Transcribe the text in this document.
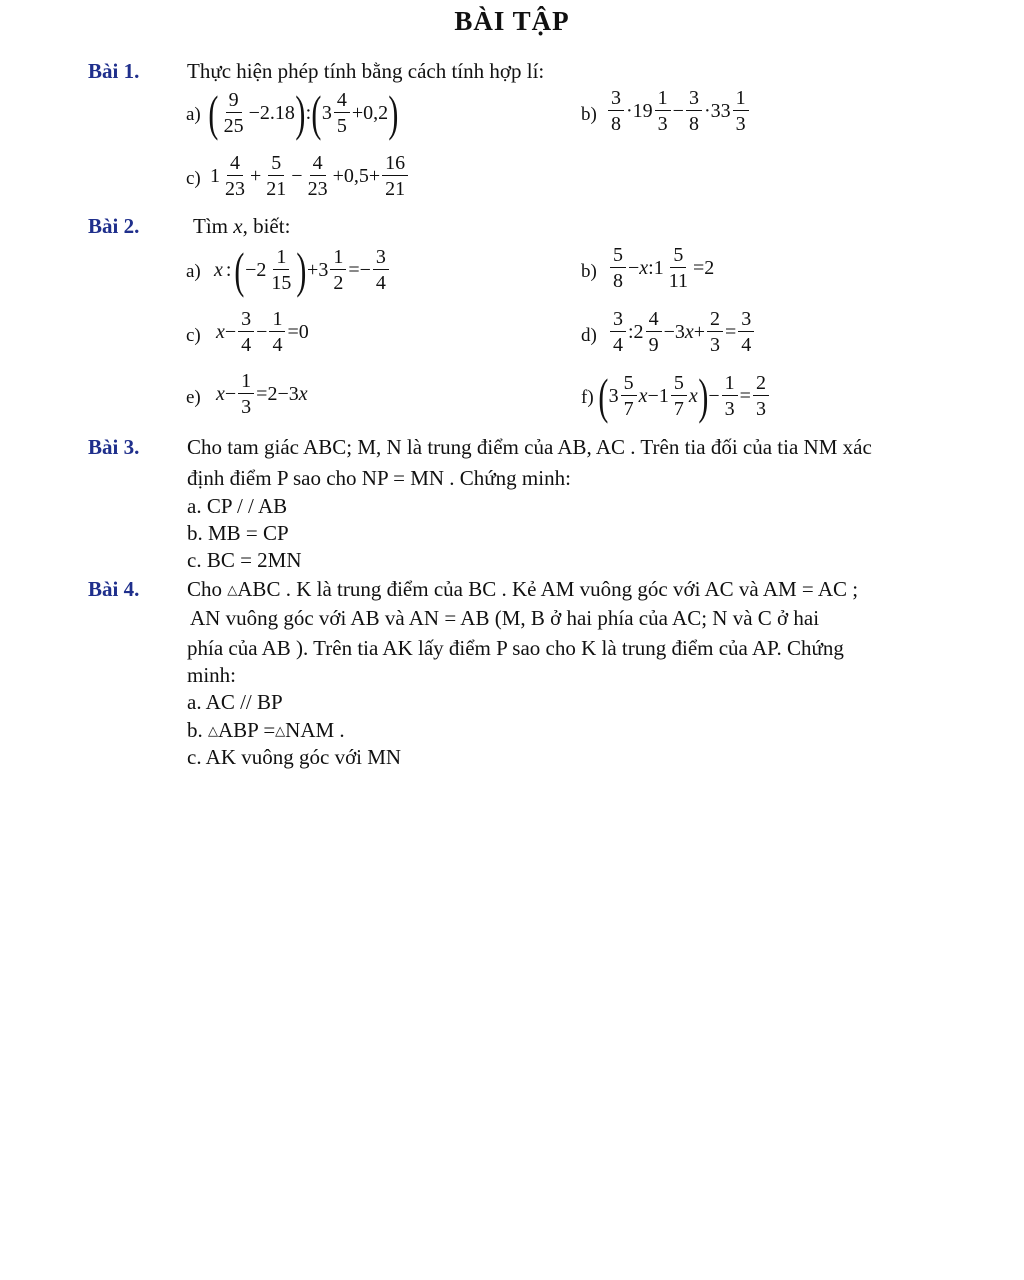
BÀI TẬP
Bài 1. Thực hiện phép tính bằng cách tính hợp lí:
a) ( $\frac{9}{25} -2.18$ ) : ( $3 \frac{4}{5} +0,2$ )	$b) \frac{3}{8} \cdot 19 \frac{1}{3} - \frac{3}{8} \cdot 33 \frac{1}{3}$
c) $1 \frac{4}{23} + \frac{5}{21} - \frac{4}{23} +0,5+ \frac{16}{21}$
Bài 2.	Tìm x, biết:
a) x : ( $-2 \frac{1}{15}$ ) $+3 \frac{1}{2} =- \frac{3}{4}$	$b) \frac{5}{8} - x$ :1 $\frac{5}{11} =2$
c) $x - \frac{3}{4} - \frac{1}{4} =0$	$d) \frac{3}{4}$ :2 $\frac{4}{9} -3$ $x + \frac{2}{3} = \frac{3}{4}$
e) $x - \frac{1}{3} =2-3$ x	f) ( $3 \frac{5}{7}$ $x -1 \frac{5}{7}$ x ) − $\frac{1}{3} = \frac{2}{3}$
Bài 3. Cho tam giác ABC; M, N là trung điểm của AB, AC . Trên tia đối của tia NM xác
định điểm P sao cho NP = MN . Chứng minh:
a. CP / / AB
b. MB = CP
c. BC = 2MN
Bài 4. Cho △ABC . K là trung điểm của BC . Kẻ AM vuông góc với AC và AM = AC ;
AN vuông góc với AB và AN = AB (M, B ở hai phía của AC; N và C ở hai
phía của AB ). Trên tia AK lấy điểm P sao cho K là trung điểm của AP. Chứng
minh:
a. AC // BP
b. △ABP =△NAM .
c. AK vuông góc với MN
